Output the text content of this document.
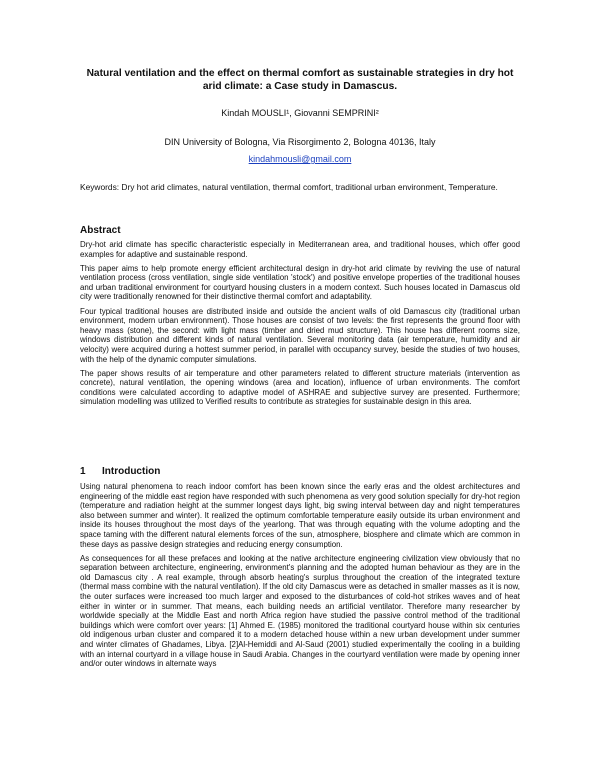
Natural ventilation and the effect on thermal comfort as sustainable strategies in dry hot arid climate: a Case study in Damascus.
Kindah MOUSLI¹, Giovanni SEMPRINI²
DIN University of Bologna, Via Risorgimento 2, Bologna 40136, Italy
kindahmousli@gmail.com
Keywords: Dry hot arid climates, natural ventilation, thermal comfort, traditional urban environment, Temperature.
Abstract

Dry-hot arid climate has specific characteristic especially in Mediterranean area, and traditional houses, which offer good examples for adaptive and sustainable respond.

This paper aims to help promote energy efficient architectural design in dry-hot arid climate by reviving the use of natural ventilation process (cross ventilation, single side ventilation 'stock') and positive envelope properties of the traditional houses and urban traditional environment for courtyard housing clusters in a modern context. Such houses located in Damascus old city were traditionally renowned for their distinctive thermal comfort and adaptability.

Four typical traditional houses are distributed inside and outside the ancient walls of old Damascus city (traditional urban environment, modern urban environment). Those houses are consist of two levels: the first represents the ground floor with heavy mass (stone), the second: with light mass (timber and dried mud structure). This house has different rooms size, windows distribution and different kinds of natural ventilation. Several monitoring data (air temperature, humidity and air velocity) were acquired during a hottest summer period, in parallel with occupancy survey, beside the studies of two houses, with the help of the dynamic computer simulations.

The paper shows results of air temperature and other parameters related to different structure materials (intervention as concrete), natural ventilation, the opening windows (area and location), influence of urban environments. The comfort conditions were calculated according to adaptive model of ASHRAE and subjective survey are presented. Furthermore; simulation modelling was utilized to Verified results to contribute as strategies for sustainable design in this area.

1 Introduction

Using natural phenomena to reach indoor comfort has been known since the early eras and the oldest architectures and engineering of the middle east region have responded with such phenomena as very good solution specially for dry-hot region (temperature and radiation height at the summer longest days light, big swing interval between day and night temperatures also between summer and winter). It realized the optimum comfortable temperature easily outside its urban environment and inside its houses throughout the most days of the yearlong. That was through equating with the volume adopting and the space taming with the different natural elements forces of the sun, atmosphere, biosphere and climate which are common in these days as passive design strategies and reducing energy consumption.

As consequences for all these prefaces and looking at the native architecture engineering civilization view obviously that no separation between architecture, engineering, environment's planning and the adopted human behaviour as they are in the old Damascus city . A real example, through absorb heating's surplus throughout the creation of the integrated texture (thermal mass combine with the natural ventilation). If the old city Damascus were as detached in smaller masses as it is now, the outer surfaces were increased too much larger and exposed to the disturbances of cold-hot strikes waves and of heat either in winter or in summer. That means, each building needs an artificial ventilator. Therefore many researcher by worldwide specially at the Middle East and north Africa region have studied the passive control method of the traditional buildings which were comfort over years: [1] Ahmed E. (1985) monitored the traditional courtyard house within six centuries old indigenous urban cluster and compared it to a modern detached house within a new urban development under summer and winter climates of Ghadames, Libya. [2]Al-Hemiddi and Al-Saud (2001) studied experimentally the cooling in a building with an internal courtyard in a village house in Saudi Arabia. Changes in the courtyard ventilation were made by opening inner and/or outer windows in alternate ways
